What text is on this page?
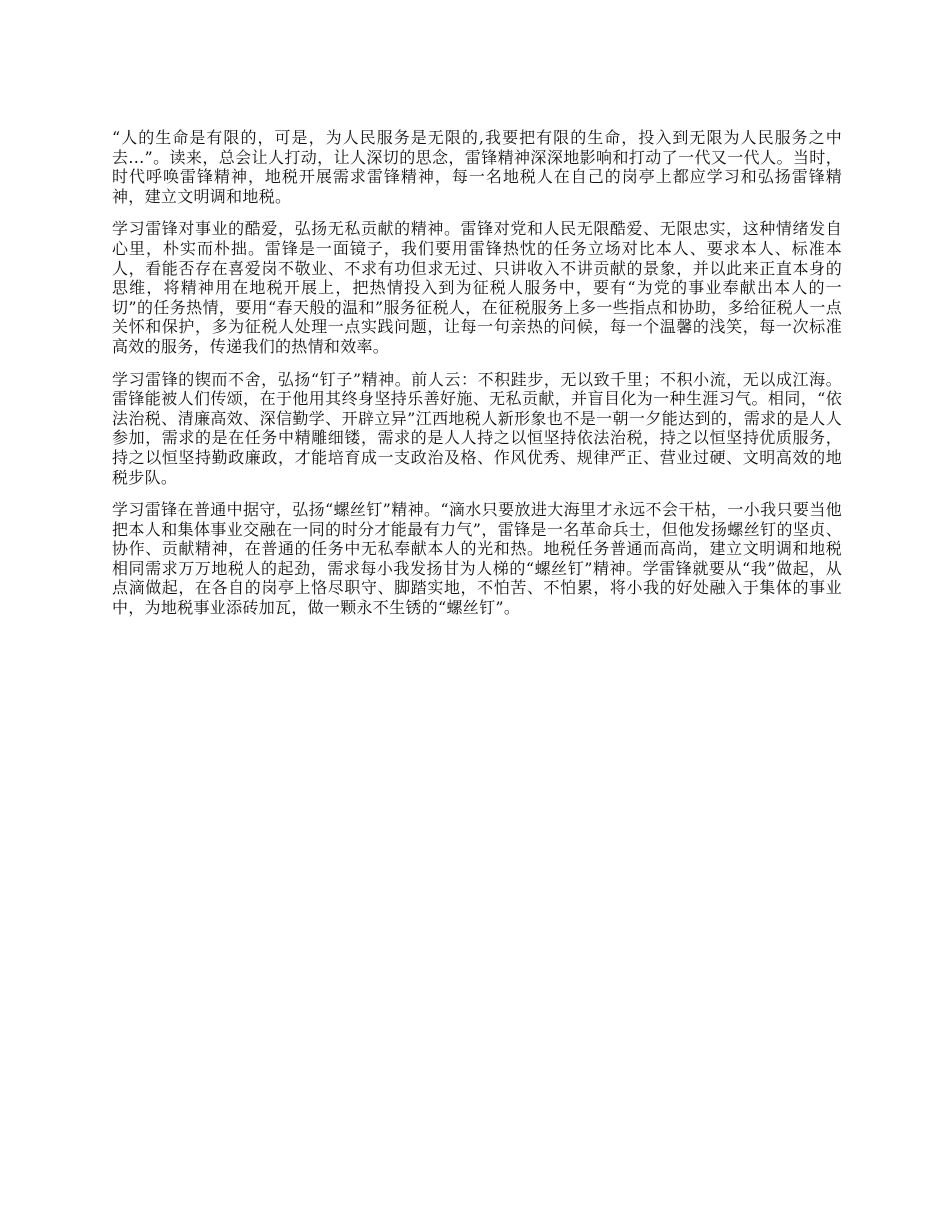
“人的生命是有限的，可是，为人民服务是无限的,我要把有限的生命，投入到无限为人民服务之中去...”。读来，总会让人打动，让人深切的思念，雷锋精神深深地影响和打动了一代又一代人。当时，时代呼唤雷锋精神，地税开展需求雷锋精神，每一名地税人在自己的岗亭上都应学习和弘扬雷锋精神，建立文明调和地税。

学习雷锋对事业的酷爱，弘扬无私贡献的精神。雷锋对党和人民无限酷爱、无限忠实，这种情绪发自心里，朴实而朴拙。雷锋是一面镜子，我们要用雷锋热忱的任务立场对比本人、要求本人、标准本人，看能否存在喜爱岗不敬业、不求有功但求无过、只讲收入不讲贡献的景象，并以此来正直本身的思维，将精神用在地税开展上，把热情投入到为征税人服务中，要有“为党的事业奉献出本人的一切”的任务热情，要用“春天般的温和”服务征税人，在征税服务上多一些指点和协助，多给征税人一点关怀和保护，多为征税人处理一点实践问题，让每一句亲热的问候，每一个温馨的浅笑，每一次标准高效的服务，传递我们的热情和效率。

学习雷锋的锲而不舍，弘扬“钉子”精神。前人云：不积跬步，无以致千里；不积小流，无以成江海。雷锋能被人们传颂，在于他用其终身坚持乐善好施、无私贡献，并盲目化为一种生涯习气。相同，“依法治税、清廉高效、深信勤学、开辟立异”江西地税人新形象也不是一朝一夕能达到的，需求的是人人参加，需求的是在任务中精雕细镂，需求的是人人持之以恒坚持依法治税，持之以恒坚持优质服务，持之以恒坚持勤政廉政，才能培育成一支政治及格、作风优秀、规律严正、营业过硬、文明高效的地税步队。

学习雷锋在普通中据守，弘扬“螺丝钉”精神。“滴水只要放进大海里才永远不会干枯，一小我只要当他把本人和集体事业交融在一同的时分才能最有力气”，雷锋是一名革命兵士，但他发扬螺丝钉的坚贞、协作、贡献精神，在普通的任务中无私奉献本人的光和热。地税任务普通而高尚，建立文明调和地税相同需求万万地税人的起劲，需求每小我发扬甘为人梯的“螺丝钉”精神。学雷锋就要从“我”做起，从点滴做起，在各自的岗亭上恪尽职守、脚踏实地，不怕苦、不怕累，将小我的好处融入于集体的事业中，为地税事业添砖加瓦，做一颗永不生锈的“螺丝钉”。
